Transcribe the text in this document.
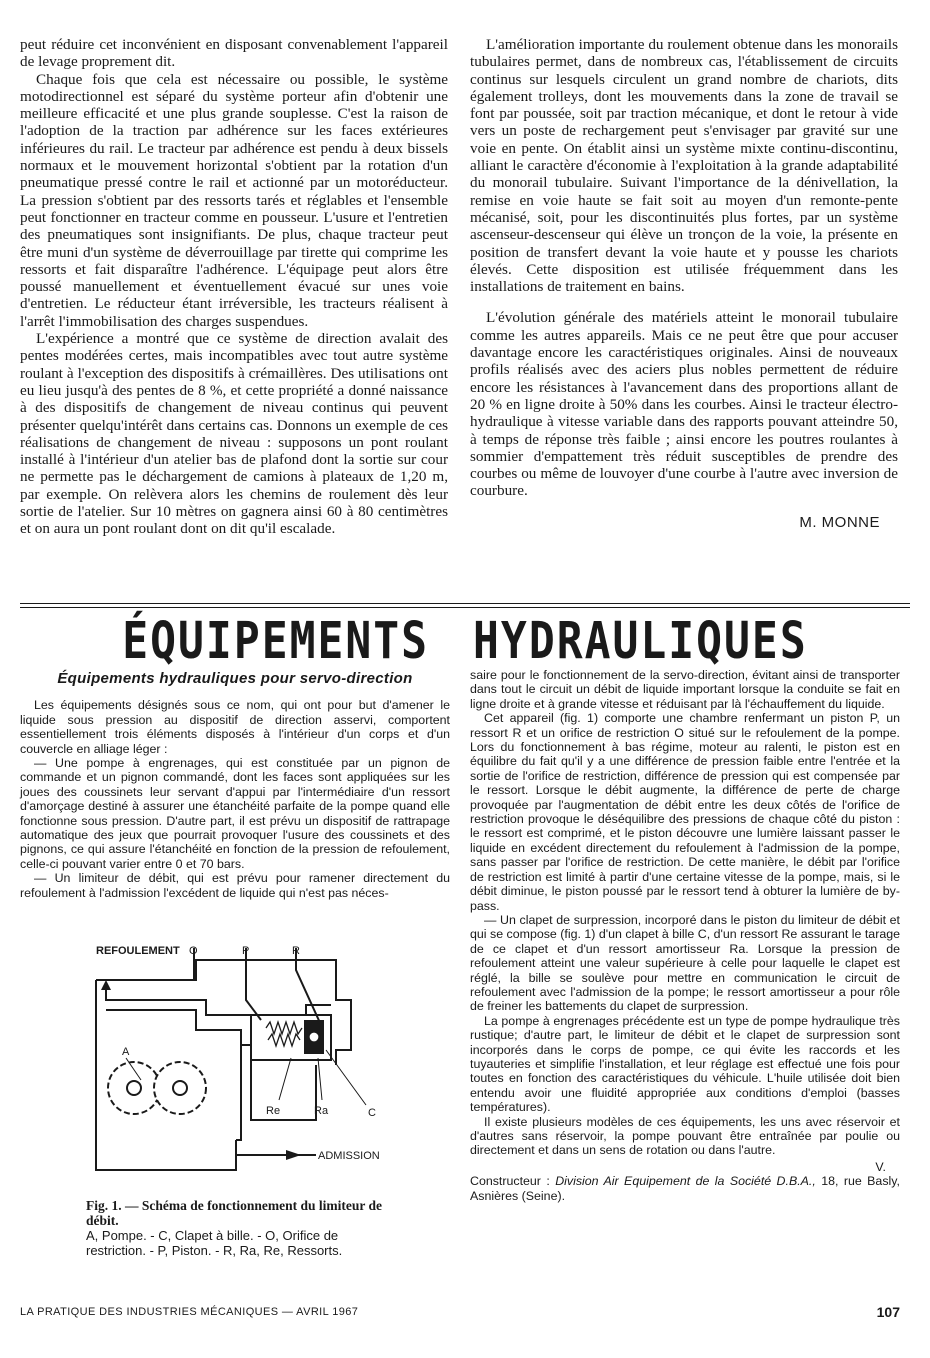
peut réduire cet inconvénient en disposant convenablement l'appareil de levage proprement dit.

Chaque fois que cela est nécessaire ou possible, le système motodirectionnel est séparé du système porteur afin d'obtenir une meilleure efficacité et une plus grande souplesse. C'est la raison de l'adoption de la traction par adhérence sur les faces extérieures inférieures du rail. Le tracteur par adhérence est pendu à deux bissels normaux et le mouvement horizontal s'obtient par la rotation d'un pneumatique pressé contre le rail et actionné par un motoréducteur. La pression s'obtient par des ressorts tarés et réglables et l'ensemble peut fonctionner en tracteur comme en pousseur. L'usure et l'entretien des pneumatiques sont insignifiants. De plus, chaque tracteur peut être muni d'un système de déverrouillage par tirette qui comprime les ressorts et fait disparaître l'adhérence. L'équipage peut alors être poussé manuellement et éventuellement évacué sur unes voie d'entretien. Le réducteur étant irréversible, les tracteurs réalisent à l'arrêt l'immobilisation des charges suspendues.

L'expérience a montré que ce système de direction avalait des pentes modérées certes, mais incompatibles avec tout autre système roulant à l'exception des dispositifs à crémaillères. Des utilisations ont eu lieu jusqu'à des pentes de 8 %, et cette propriété a donné naissance à des dispositifs de changement de niveau continus qui peuvent présenter quelqu'intérêt dans certains cas. Donnons un exemple de ces réalisations de changement de niveau : supposons un pont roulant installé à l'intérieur d'un atelier bas de plafond dont la sortie sur cour ne permette pas le déchargement de camions à plateaux de 1,20 m, par exemple. On relèvera alors les chemins de roulement dès leur sortie de l'atelier. Sur 10 mètres on gagnera ainsi 60 à 80 centimètres et on aura un pont roulant dont on dit qu'il escalade.

L'amélioration importante du roulement obtenue dans les monorails tubulaires permet, dans de nombreux cas, l'établissement de circuits continus sur lesquels circulent un grand nombre de chariots, dits également trolleys, dont les mouvements dans la zone de travail se font par poussée, soit par traction mécanique, et dont le retour à vide vers un poste de rechargement peut s'envisager par gravité sur une voie en pente. On établit ainsi un système mixte continu-discontinu, alliant le caractère d'économie à l'exploitation à la grande adaptabilité du monorail tubulaire. Suivant l'importance de la dénivellation, la remise en voie haute se fait soit au moyen d'un remonte-pente mécanisé, soit, pour les discontinuités plus fortes, par un système ascenseur-descenseur qui élève un tronçon de la voie, la présente en position de transfert devant la voie haute et y pousse les chariots élevés. Cette disposition est utilisée fréquemment dans les installations de traitement en bains.

L'évolution générale des matériels atteint le monorail tubulaire comme les autres appareils. Mais ce ne peut être que pour accuser davantage encore les caractéristiques originales. Ainsi de nouveaux profils réalisés avec des aciers plus nobles permettent de réduire encore les résistances à l'avancement dans des proportions allant de 20 % en ligne droite à 50% dans les courbes. Ainsi le tracteur électro-hydraulique à vitesse variable dans des rapports pouvant atteindre 50, à temps de réponse très faible ; ainsi encore les poutres roulantes à sommier d'empattement très réduit susceptibles de prendre des courbes ou même de louvoyer d'une courbe à l'autre avec inversion de courbure.

M. MONNE
ÉQUIPEMENTS HYDRAULIQUES
Équipements hydrauliques pour servo-direction

Les équipements désignés sous ce nom, qui ont pour but d'amener le liquide sous pression au dispositif de direction asservi, comportent essentiellement trois éléments disposés à l'intérieur d'un corps et d'un couvercle en alliage léger :

— Une pompe à engrenages, qui est constituée par un pignon de commande et un pignon commandé, dont les faces sont appliquées sur les joues des coussinets leur servant d'appui par l'intermédiaire d'un ressort d'amorçage destiné à assurer une étanchéité parfaite de la pompe quand elle fonctionne sous pression. D'autre part, il est prévu un dispositif de rattrapage automatique des jeux que pourrait provoquer l'usure des coussinets et des pignons, ce qui assure l'étanchéité en fonction de la pression de refoulement, celle-ci pouvant varier entre 0 et 70 bars.

— Un limiteur de débit, qui est prévu pour ramener directement du refoulement à l'admission l'excédent de liquide qui n'est pas néces-

REFOULEMENT O	P	R
A
Re	Ra	C
ADMISSION
Fig. 1. — Schéma de fonctionnement du limiteur de débit.
A, Pompe. - C, Clapet à bille. - O, Orifice de restriction. - P, Piston. - R, Ra, Re, Ressorts.

saire pour le fonctionnement de la servo-direction, évitant ainsi de transporter dans tout le circuit un débit de liquide important lorsque la conduite se fait en ligne droite et à grande vitesse et réduisant par là l'échauffement du liquide.

Cet appareil (fig. 1) comporte une chambre renfermant un piston P, un ressort R et un orifice de restriction O situé sur le refoulement de la pompe. Lors du fonctionnement à bas régime, moteur au ralenti, le piston est en équilibre du fait qu'il y a une différence de pression faible entre l'entrée et la sortie de l'orifice de restriction, différence de pression qui est compensée par le ressort. Lorsque le débit augmente, la différence de perte de charge provoquée par l'augmentation de débit entre les deux côtés de l'orifice de restriction provoque le déséquilibre des pressions de chaque côté du piston : le ressort est comprimé, et le piston découvre une lumière laissant passer le liquide en excédent directement du refoulement à l'admission de la pompe, sans passer par l'orifice de restriction. De cette manière, le débit par l'orifice de restriction est limité à partir d'une certaine vitesse de la pompe, mais, si le débit diminue, le piston poussé par le ressort tend à obturer la lumière de by-pass.

— Un clapet de surpression, incorporé dans le piston du limiteur de débit et qui se compose (fig. 1) d'un clapet à bille C, d'un ressort Re assurant le tarage de ce clapet et d'un ressort amortisseur Ra. Lorsque la pression de refoulement atteint une valeur supérieure à celle pour laquelle le clapet est réglé, la bille se soulève pour mettre en communication le circuit de refoulement avec l'admission de la pompe; le ressort amortisseur a pour rôle de freiner les battements du clapet de surpression.

La pompe à engrenages précédente est un type de pompe hydraulique très rustique; d'autre part, le limiteur de débit et le clapet de surpression sont incorporés dans le corps de pompe, ce qui évite les raccords et les tuyauteries et simplifie l'installation, et leur réglage est effectué une fois pour toutes en fonction des caractéristiques du véhicule. L'huile utilisée doit bien entendu avoir une fluidité appropriée aux conditions d'emploi (basses températures).

Il existe plusieurs modèles de ces équipements, les uns avec réservoir et d'autres sans réservoir, la pompe pouvant être entraînée par poulie ou directement et dans un sens de rotation ou dans l'autre.

V.

Constructeur : Division Air Equipement de la Société D.B.A., 18, rue Basly, Asnières (Seine).

LA PRATIQUE DES INDUSTRIES MÉCANIQUES — AVRIL 1967	107
